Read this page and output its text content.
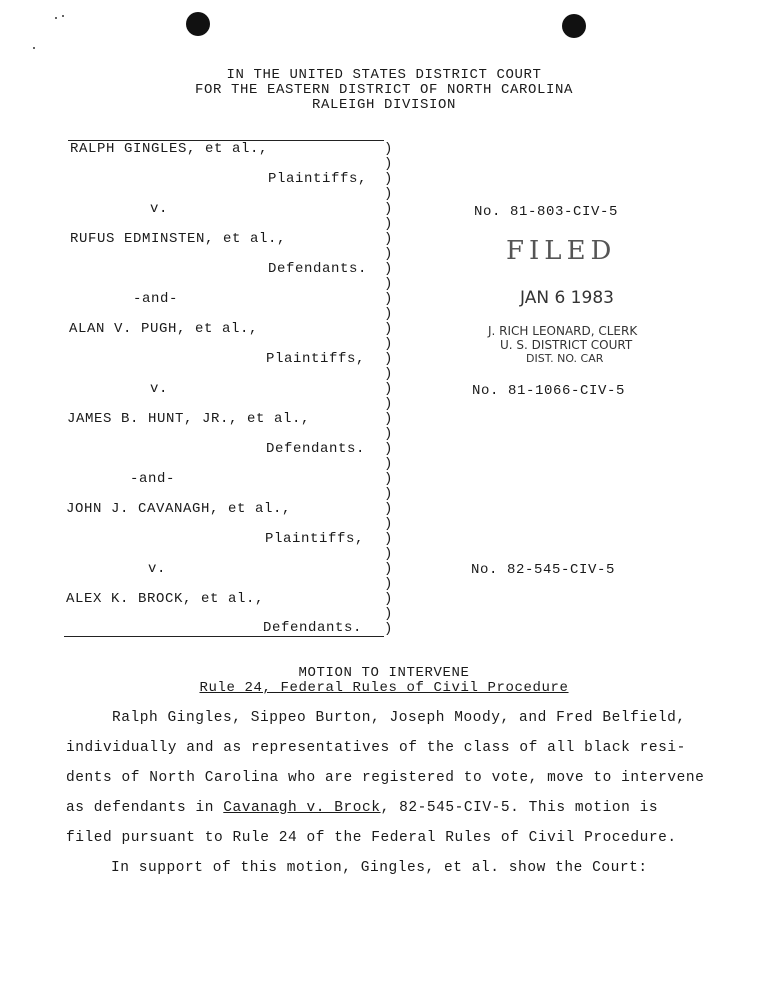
IN THE UNITED STATES DISTRICT COURT
FOR THE EASTERN DISTRICT OF NORTH CAROLINA
RALEIGH DIVISION
RALPH GINGLES, et al.,
Plaintiffs,
v.
RUFUS EDMINSTEN, et al.,
Defendants.
-and-
ALAN V. PUGH, et al.,
Plaintiffs,
v.
JAMES B. HUNT, JR., et al.,
Defendants.
-and-
JOHN J. CAVANAGH, et al.,
Plaintiffs,
v.
ALEX K. BROCK, et al.,
Defendants.
)
)
)
)
)
)
)
)
)
)
)
)
)
)
)
)
)
)
)
)
)
)
)
)
)
)
)
)
)
)
)
)
)
No. 81-803-CIV-5
No. 81-1066-CIV-5
No. 82-545-CIV-5
FILED
JAN 6 1983
J. RICH LEONARD, CLERK
U. S. DISTRICT COURT
DIST. NO. CAR
MOTION TO INTERVENE
Rule 24, Federal Rules of Civil Procedure
Ralph Gingles, Sippeo Burton, Joseph Moody, and Fred Belfield,
individually and as representatives of the class of all black resi-
dents of North Carolina who are registered to vote, move to intervene
as defendants in Cavanagh v. Brock, 82-545-CIV-5. This motion is
filed pursuant to Rule 24 of the Federal Rules of Civil Procedure.
In support of this motion, Gingles, et al. show the Court:
